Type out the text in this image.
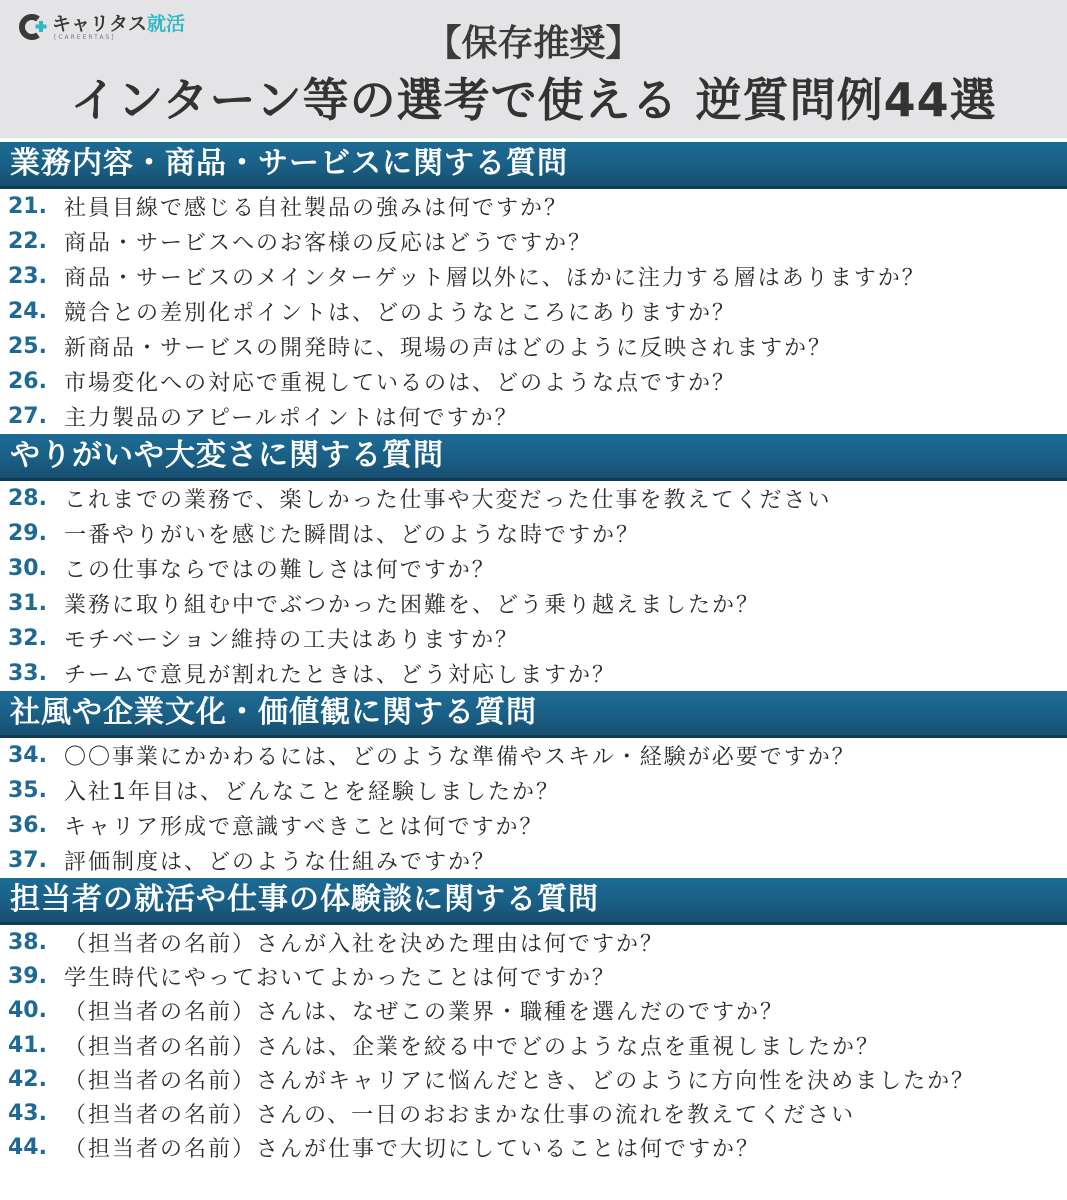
キャリタス就活
[CAREERTAS]	【保存推奨】
インターン等の選考で使える 逆質問例44選
業務内容・商品・サービスに関する質問
21. 社員目線で感じる自社製品の強みは何ですか？
22. 商品・サービスへのお客様の反応はどうですか？
23. 商品・サービスのメインターゲット層以外に、ほかに注力する層はありますか？
24. 競合との差別化ポイントは、どのようなところにありますか？
25. 新商品・サービスの開発時に、現場の声はどのように反映されますか？
26. 市場変化への対応で重視しているのは、どのような点ですか？
27. 主力製品のアピールポイントは何ですか？
やりがいや大変さに関する質問
28. これまでの業務で、楽しかった仕事や大変だった仕事を教えてください
29. 一番やりがいを感じた瞬間は、どのような時ですか？
30. この仕事ならではの難しさは何ですか？
31. 業務に取り組む中でぶつかった困難を、どう乗り越えましたか？
32. モチベーション維持の工夫はありますか？
33. チームで意見が割れたときは、どう対応しますか？
社風や企業文化・価値観に関する質問
34. 〇〇事業にかかわるには、どのような準備やスキル・経験が必要ですか？
35. 入社1年目は、どんなことを経験しましたか？
36. キャリア形成で意識すべきことは何ですか？
37. 評価制度は、どのような仕組みですか？
担当者の就活や仕事の体験談に関する質問
38. （担当者の名前）さんが入社を決めた理由は何ですか？
39. 学生時代にやっておいてよかったことは何ですか？
40. （担当者の名前）さんは、なぜこの業界・職種を選んだのですか？
41. （担当者の名前）さんは、企業を絞る中でどのような点を重視しましたか？
42. （担当者の名前）さんがキャリアに悩んだとき、どのように方向性を決めましたか？
43. （担当者の名前）さんの、一日のおおまかな仕事の流れを教えてください
44. （担当者の名前）さんが仕事で大切にしていることは何ですか？
